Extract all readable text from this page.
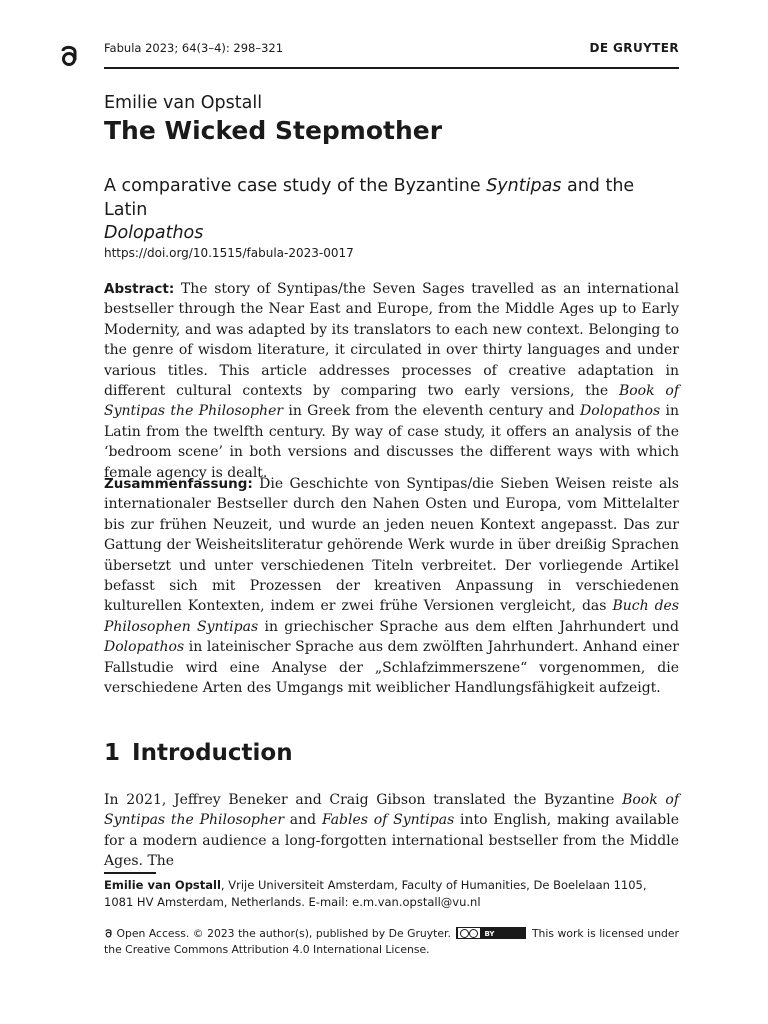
Fabula 2023; 64(3–4): 298–321	DE GRUYTER
Emilie van Opstall
The Wicked Stepmother
A comparative case study of the Byzantine Syntipas and the Latin
Dolopathos
https://doi.org/10.1515/fabula-2023-0017
Abstract: The story of Syntipas/the Seven Sages travelled as an international bestseller through the Near East and Europe, from the Middle Ages up to Early Modernity, and was adapted by its translators to each new context. Belonging to the genre of wisdom literature, it circulated in over thirty languages and under various titles. This article addresses processes of creative adaptation in different cultural contexts by comparing two early versions, the Book of Syntipas the Philosopher in Greek from the eleventh century and Dolopathos in Latin from the twelfth century. By way of case study, it offers an analysis of the ‘bedroom scene’ in both versions and discusses the different ways with which female agency is dealt.
Zusammenfassung: Die Geschichte von Syntipas/die Sieben Weisen reiste als internationaler Bestseller durch den Nahen Osten und Europa, vom Mittelalter bis zur frühen Neuzeit, und wurde an jeden neuen Kontext angepasst. Das zur Gattung der Weisheitsliteratur gehörende Werk wurde in über dreißig Sprachen übersetzt und unter verschiedenen Titeln verbreitet. Der vorliegende Artikel befasst sich mit Prozessen der kreativen Anpassung in verschiedenen kulturellen Kontexten, indem er zwei frühe Versionen vergleicht, das Buch des Philosophen Syntipas in griechischer Sprache aus dem elften Jahrhundert und Dolopathos in lateinischer Sprache aus dem zwölften Jahrhundert. Anhand einer Fallstudie wird eine Analyse der „Schlafzimmerszene“ vorgenommen, die verschiedene Arten des Umgangs mit weiblicher Handlungsfähigkeit aufzeigt.
1 Introduction
In 2021, Jeffrey Beneker and Craig Gibson translated the Byzantine Book of Syntipas the Philosopher and Fables of Syntipas into English, making available for a modern audience a long-forgotten international bestseller from the Middle Ages. The
Emilie van Opstall, Vrije Universiteit Amsterdam, Faculty of Humanities, De Boelelaan 1105, 1081 HV Amsterdam, Netherlands. E-mail: e.m.van.opstall@vu.nl
Open Access. © 2023 the author(s), published by De Gruyter.	BY	This work is licensed under the Creative Commons Attribution 4.0 International License.
